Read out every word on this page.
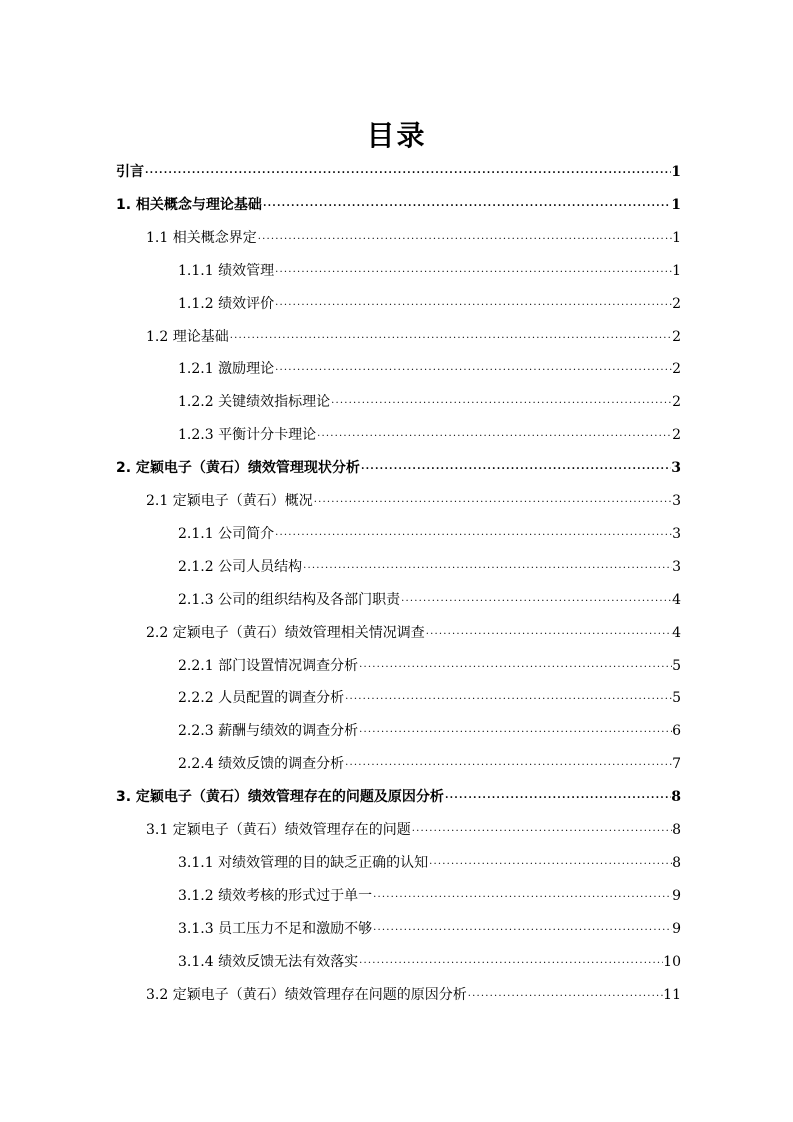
目录
引言 .....	1
1. 相关概念与理论基础 .....	1
1.1 相关概念界定 .....	1
1.1.1 绩效管理 .....	1
1.1.2 绩效评价 .....	2
1.2 理论基础 .....	2
1.2.1 激励理论 .....	2
1.2.2 关键绩效指标理论 .....	2
1.2.3 平衡计分卡理论 .....	2
2. 定颖电子（黄石）绩效管理现状分析 .....	3
2.1 定颖电子（黄石）概况 .....	3
2.1.1 公司简介 .....	3
2.1.2 公司人员结构 .....	3
2.1.3 公司的组织结构及各部门职责 .....	4
2.2 定颖电子（黄石）绩效管理相关情况调查 .....	4
2.2.1 部门设置情况调查分析 .....	5
2.2.2 人员配置的调查分析 .....	5
2.2.3 薪酬与绩效的调查分析 .....	6
2.2.4 绩效反馈的调查分析 .....	7
3. 定颖电子（黄石）绩效管理存在的问题及原因分析 .....	8
3.1 定颖电子（黄石）绩效管理存在的问题 .....	8
3.1.1 对绩效管理的目的缺乏正确的认知 .....	8
3.1.2 绩效考核的形式过于单一 .....	9
3.1.3 员工压力不足和激励不够 .....	9
3.1.4 绩效反馈无法有效落实 .....	10
3.2 定颖电子（黄石）绩效管理存在问题的原因分析 .....	11
